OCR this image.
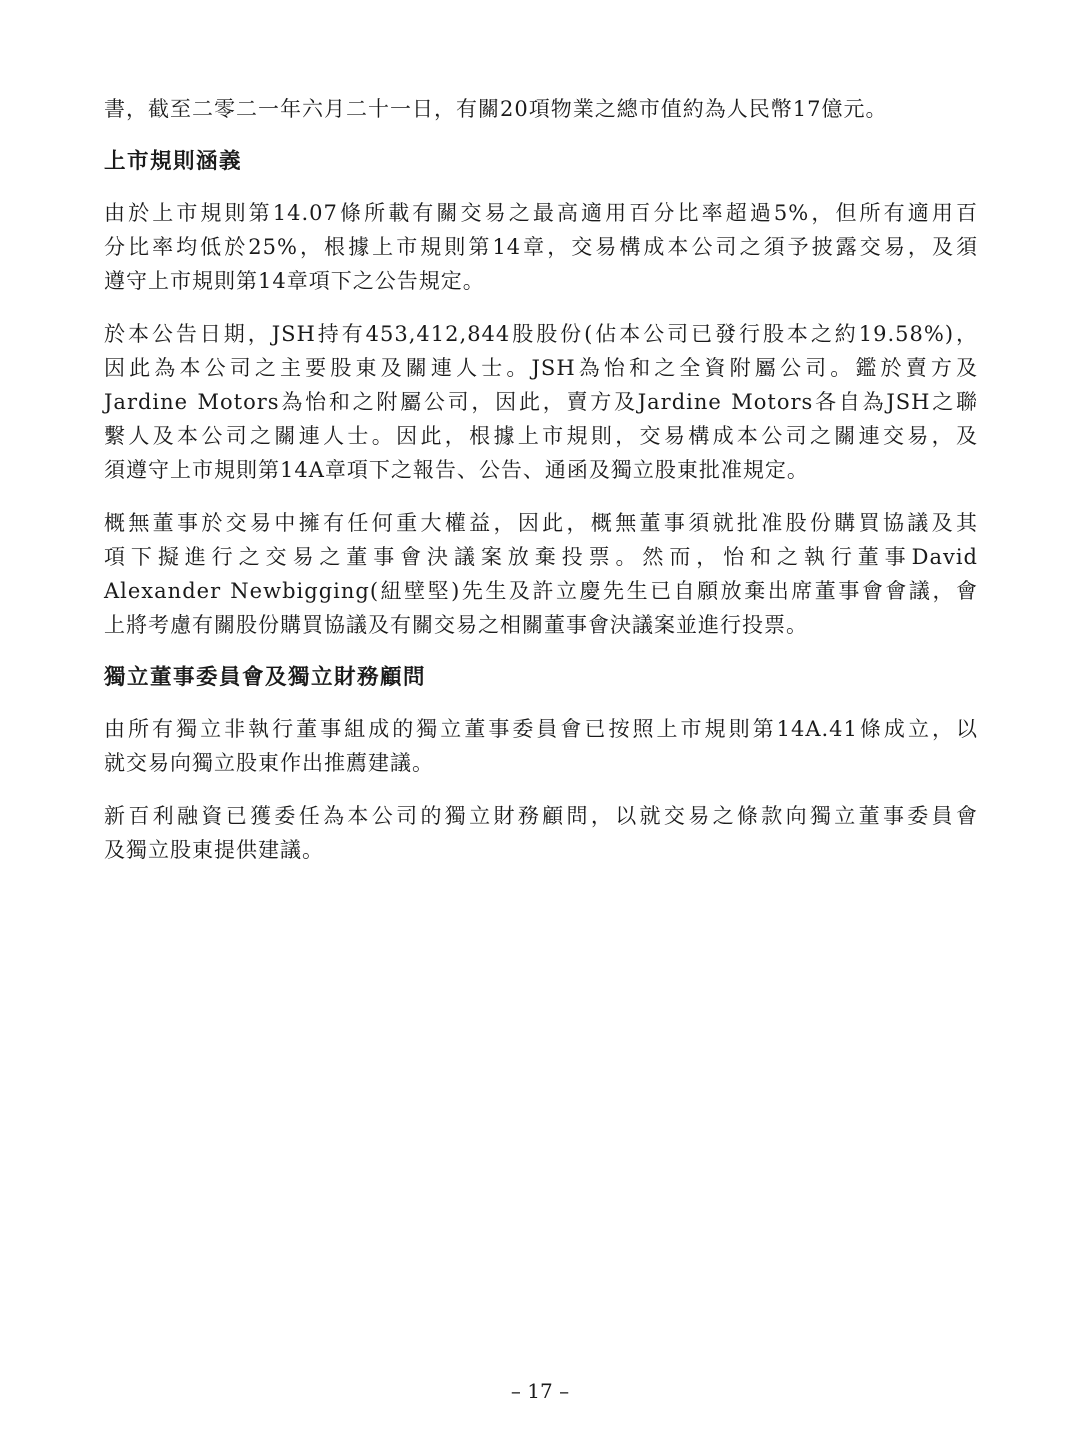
書，截至二零二一年六月二十一日，有關20項物業之總市值約為人民幣17億元。
上市規則涵義
由於上市規則第14.07條所載有關交易之最高適用百分比率超過5%，但所有適用百
分比率均低於25%，根據上市規則第14章，交易構成本公司之須予披露交易，及須
遵守上市規則第14章項下之公告規定。
於本公告日期，JSH持有453,412,844股股份(佔本公司已發行股本之約19.58%)，
因此為本公司之主要股東及關連人士。JSH為怡和之全資附屬公司。鑑於賣方及
Jardine Motors為怡和之附屬公司，因此，賣方及Jardine Motors各自為JSH之聯
繫人及本公司之關連人士。因此，根據上市規則，交易構成本公司之關連交易，及
須遵守上市規則第14A章項下之報告、公告、通函及獨立股東批准規定。
概無董事於交易中擁有任何重大權益，因此，概無董事須就批准股份購買協議及其
項下擬進行之交易之董事會決議案放棄投票。然而，怡和之執行董事David
Alexander Newbigging(紐壁堅)先生及許立慶先生已自願放棄出席董事會會議，會
上將考慮有關股份購買協議及有關交易之相關董事會決議案並進行投票。
獨立董事委員會及獨立財務顧問
由所有獨立非執行董事組成的獨立董事委員會已按照上市規則第14A.41條成立，以
就交易向獨立股東作出推薦建議。
新百利融資已獲委任為本公司的獨立財務顧問，以就交易之條款向獨立董事委員會
及獨立股東提供建議。
– 17 –
